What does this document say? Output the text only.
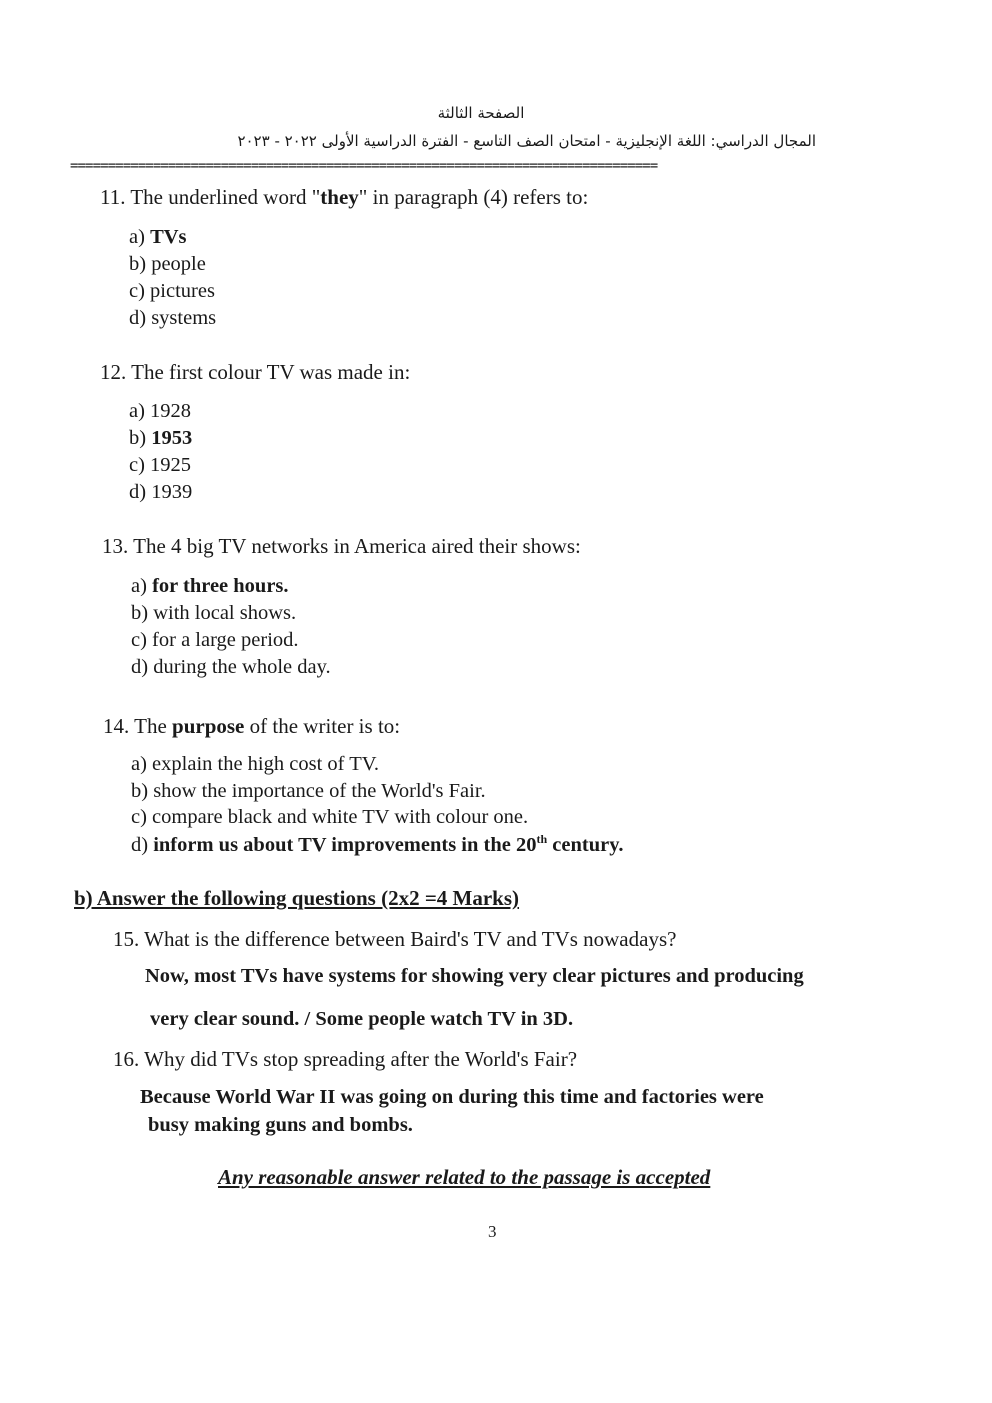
الصفحة الثالثة
المجال الدراسي: اللغة الإنجليزية - امتحان الصف التاسع - الفترة الدراسية الأولى ٢٠٢٢ - ٢٠٢٣
==============================================================================
11. The underlined word "they" in paragraph (4) refers to:
a) TVs
b) people
c) pictures
d) systems
12. The first colour TV was made in:
a) 1928
b) 1953
c) 1925
d) 1939
13. The 4 big TV networks in America aired their shows:
a) for three hours.
b) with local shows.
c) for a large period.
d) during the whole day.
14. The purpose of the writer is to:
a) explain the high cost of TV.
b) show the importance of the World's Fair.
c) compare black and white TV with colour one.
d) inform us about TV improvements in the 20th century.
b) Answer the following questions (2x2 =4 Marks)
15. What is the difference between Baird's TV and TVs nowadays?
Now, most TVs have systems for showing very clear pictures and producing
very clear sound. / Some people watch TV in 3D.
16. Why did TVs stop spreading after the World's Fair?
Because World War II was going on during this time and factories were
busy making guns and bombs.
Any reasonable answer related to the passage is accepted
3
